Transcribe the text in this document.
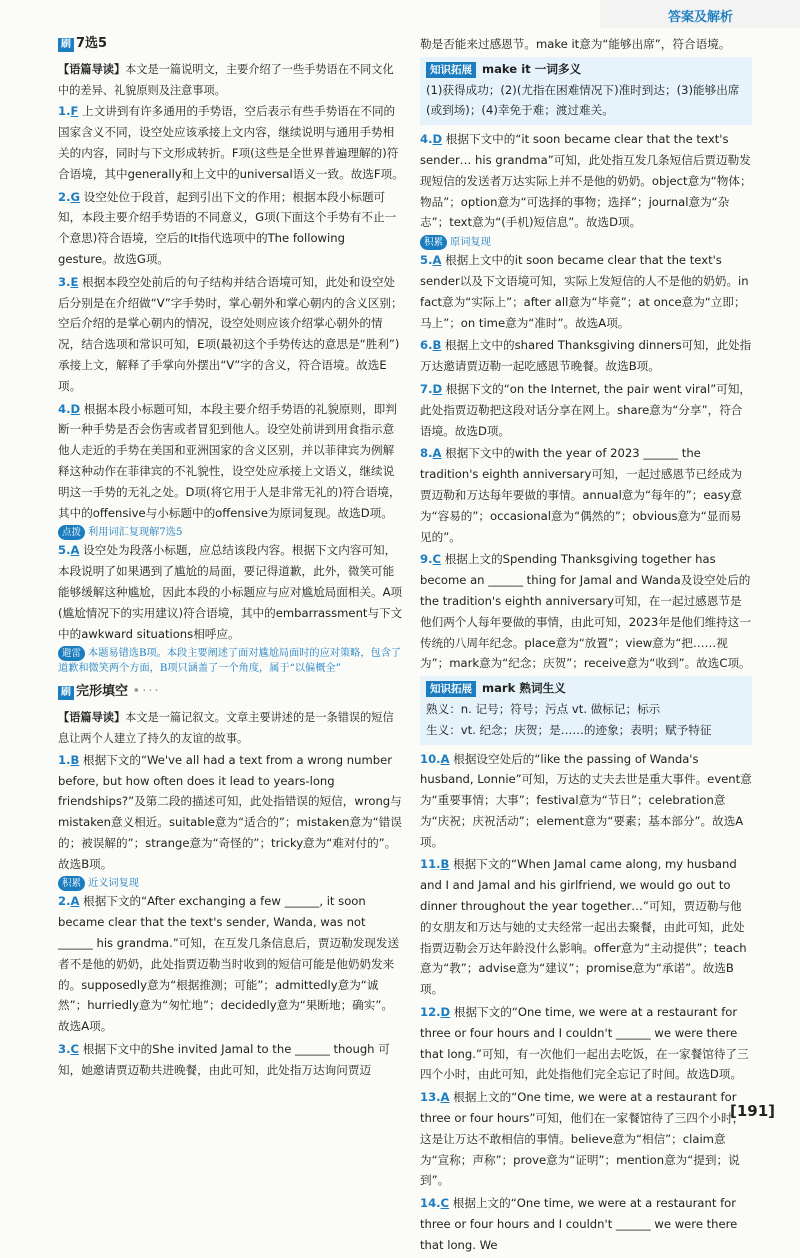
答案及解析

刷 7选5

【语篇导读】本文是一篇说明文，主要介绍了一些手势语在不同文化中的差异、礼貌原则及注意事项。

1.F 上文讲到有许多通用的手势语，空后表示有些手势语在不同的国家含义不同，设空处应该承接上文内容，继续说明与通用手势相关的内容，同时与下文形成转折。F项(这些是全世界普遍理解的)符合语境，其中generally和上文中的universal语义一致。故选F项。

2.G 设空处位于段首，起到引出下文的作用；根据本段小标题可知，本段主要介绍手势语的不同意义，G项(下面这个手势有不止一个意思)符合语境，空后的It指代选项中的The following gesture。故选G项。

3.E 根据本段空处前后的句子结构并结合语境可知，此处和设空处后分别是在介绍做“V”字手势时，掌心朝外和掌心朝内的含义区别；空后介绍的是掌心朝内的情况，设空处则应该介绍掌心朝外的情况，结合选项和常识可知，E项(最初这个手势传达的意思是“胜利”)承接上文，解释了手掌向外摆出“V”字的含义，符合语境。故选E项。

4.D 根据本段小标题可知，本段主要介绍手势语的礼貌原则，即判断一种手势是否会伤害或者冒犯到他人。设空处前讲到用食指示意他人走近的手势在美国和亚洲国家的含义区别，并以菲律宾为例解释这种动作在菲律宾的不礼貌性，设空处应承接上文语义，继续说明这一手势的无礼之处。D项(将它用于人是非常无礼的)符合语境，其中的offensive与小标题中的offensive为原词复现。故选D项。

点拨 利用词汇复现解7选5

5.A 设空处为段落小标题，应总结该段内容。根据下文内容可知，本段说明了如果遇到了尴尬的局面，要记得道歉，此外，微笑可能能够缓解这种尴尬，因此本段的小标题应与应对尴尬局面相关。A项(尴尬情况下的实用建议)符合语境，其中的embarrassment与下文中的awkward situations相呼应。

避雷 本题易错选B项。本段主要阐述了面对尴尬局面时的应对策略，包含了道歉和微笑两个方面，B项只涵盖了一个角度，属于“以偏概全”

刷 完形填空 •···

【语篇导读】本文是一篇记叙文。文章主要讲述的是一条错误的短信息让两个人建立了持久的友谊的故事。

1.B 根据下文的“We've all had a text from a wrong number before, but how often does it lead to years-long friendships?”及第二段的描述可知，此处指错误的短信，wrong与mistaken意义相近。suitable意为“适合的”；mistaken意为“错误的；被误解的”；strange意为“奇怪的”；tricky意为“难对付的”。故选B项。

积累 近义词复现

2.A 根据下文的“After exchanging a few ______, it soon became clear that the text's sender, Wanda, was not ______ his grandma.”可知，在互发几条信息后，贾迈勒发现发送者不是他的奶奶，此处指贾迈勒当时收到的短信可能是他奶奶发来的。supposedly意为“根据推测；可能”；admittedly意为“诚然”；hurriedly意为“匆忙地”；decidedly意为“果断地；确实”。故选A项。

3.C 根据下文中的She invited Jamal to the ______ though 可知，她邀请贾迈勒共进晚餐，由此可知，此处指万达询问贾迈

勒是否能来过感恩节。make it意为“能够出席”，符合语境。

知识拓展 make it 一词多义

(1)获得成功；(2)(尤指在困难情况下)准时到达；(3)能够出席(或到场)；(4)幸免于难；渡过难关。

4.D 根据下文中的“it soon became clear that the text's sender… his grandma”可知，此处指互发几条短信后贾迈勒发现短信的发送者万达实际上并不是他的奶奶。object意为“物体；物品”；option意为“可选择的事物；选择”；journal意为“杂志”；text意为“(手机)短信息”。故选D项。

积累 原词复现

5.A 根据上文中的it soon became clear that the text's sender以及下文语境可知，实际上发短信的人不是他的奶奶。in fact意为“实际上”；after all意为“毕竟”；at once意为“立即；马上”；on time意为“准时”。故选A项。

6.B 根据上文中的shared Thanksgiving dinners可知，此处指万达邀请贾迈勒一起吃感恩节晚餐。故选B项。

7.D 根据下文的“on the Internet, the pair went viral”可知，此处指贾迈勒把这段对话分享在网上。share意为“分享”，符合语境。故选D项。

8.A 根据下文中的with the year of 2023 ______ the tradition's eighth anniversary可知，一起过感恩节已经成为贾迈勒和万达每年要做的事情。annual意为“每年的”；easy意为“容易的”；occasional意为“偶然的”；obvious意为“显而易见的”。

9.C 根据上文的Spending Thanksgiving together has become an ______ thing for Jamal and Wanda及设空处后的the tradition's eighth anniversary可知，在一起过感恩节是他们两个人每年要做的事情，由此可知，2023年是他们维持这一传统的八周年纪念。place意为“放置”；view意为“把……视为”；mark意为“纪念；庆贺”；receive意为“收到”。故选C项。

知识拓展 mark 熟词生义

熟义：n. 记号；符号；污点 vt. 做标记；标示

生义：vt. 纪念；庆贺；是……的迹象；表明；赋予特征

10.A 根据设空处后的“like the passing of Wanda's husband, Lonnie”可知，万达的丈夫去世是重大事件。event意为“重要事情；大事”；festival意为“节日”；celebration意为“庆祝；庆祝活动”；element意为“要素；基本部分”。故选A项。

11.B 根据下文的“When Jamal came along, my husband and I and Jamal and his girlfriend, we would go out to dinner throughout the year together…”可知，贾迈勒与他的女朋友和万达与她的丈夫经常一起出去聚餐，由此可知，此处指贾迈勒会万达年龄没什么影响。offer意为“主动提供”；teach意为“教”；advise意为“建议”；promise意为“承诺”。故选B项。

12.D 根据下文的“One time, we were at a restaurant for three or four hours and I couldn't ______ we were there that long.”可知，有一次他们一起出去吃饭，在一家餐馆待了三四个小时，由此可知，此处指他们完全忘记了时间。故选D项。

13.A 根据上文的“One time, we were at a restaurant for three or four hours”可知，他们在一家餐馆待了三四个小时，这是让万达不敢相信的事情。believe意为“相信”；claim意为“宣称；声称”；prove意为“证明”；mention意为“提到；说到”。

14.C 根据上文的“One time, we were at a restaurant for three or four hours and I couldn't ______ we were there that long. We

[191]
